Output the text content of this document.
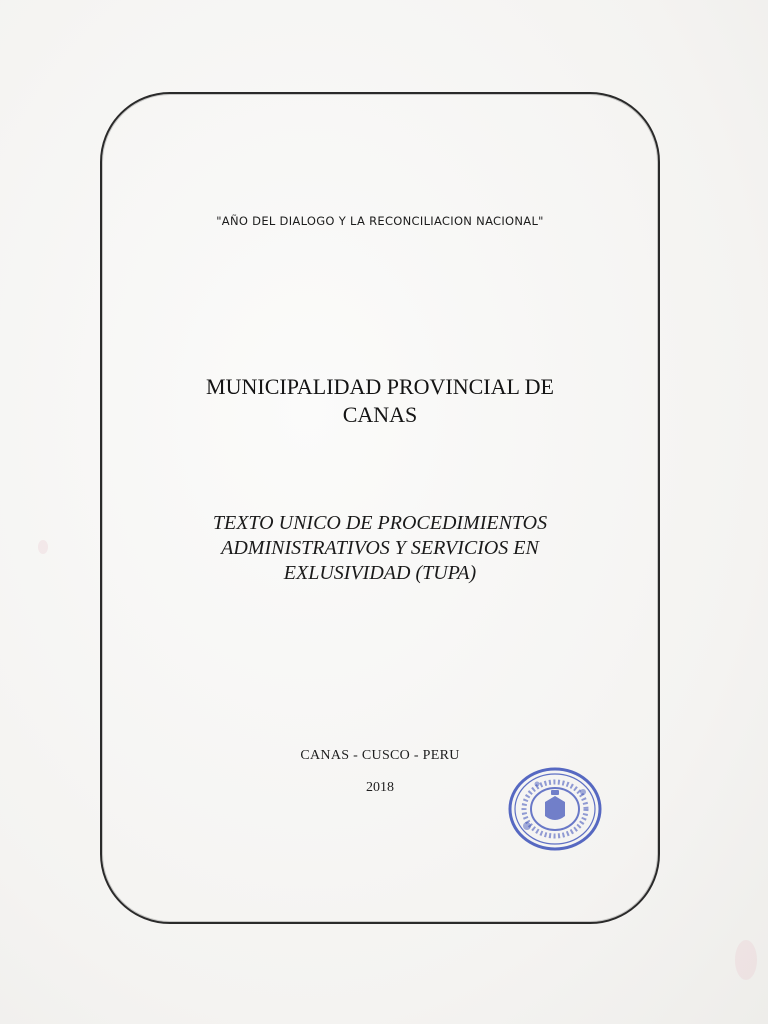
"AÑO DEL DIALOGO Y LA RECONCILIACION NACIONAL"
MUNICIPALIDAD PROVINCIAL DE
CANAS
TEXTO UNICO DE PROCEDIMIENTOS
ADMINISTRATIVOS Y SERVICIOS EN
EXLUSIVIDAD (TUPA)
CANAS - CUSCO - PERU
2018
